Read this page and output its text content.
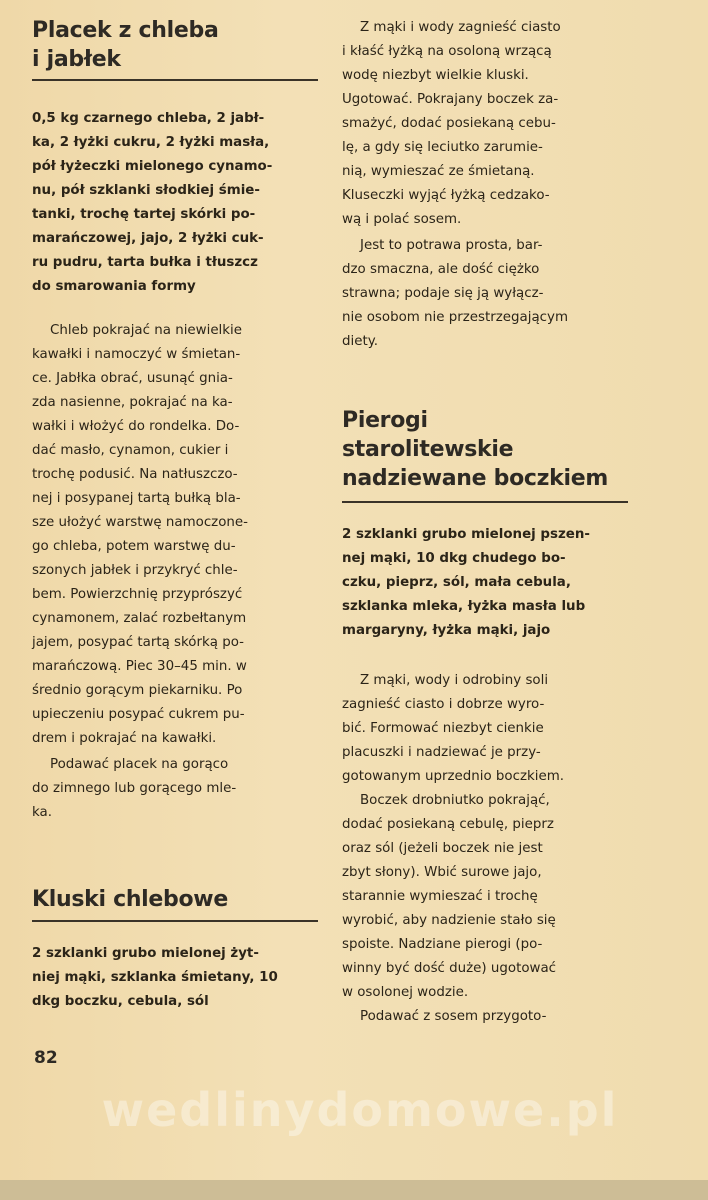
Placek z chleba
i jabłek

0,5 kg czarnego chleba, 2 jabł-
ka, 2 łyżki cukru, 2 łyżki masła,
pół łyżeczki mielonego cynamo-
nu, pół szklanki słodkiej śmie-
tanki, trochę tartej skórki po-
marańczowej, jajo, 2 łyżki cuk-
ru pudru, tarta bułka i tłuszcz
do smarowania formy

Chleb pokrajać na niewielkie
kawałki i namoczyć w śmietan-
ce. Jabłka obrać, usunąć gnia-
zda nasienne, pokrajać na ka-
wałki i włożyć do rondelka. Do-
dać masło, cynamon, cukier i
trochę podusić. Na natłuszczo-
nej i posypanej tartą bułką bla-
sze ułożyć warstwę namoczone-
go chleba, potem warstwę du-
szonych jabłek i przykryć chle-
bem. Powierzchnię przyprószyć
cynamonem, zalać rozbełtanym
jajem, posypać tartą skórką po-
marańczową. Piec 30–45 min. w
średnio gorącym piekarniku. Po
upieczeniu posypać cukrem pu-
drem i pokrajać na kawałki.

Podawać placek na gorąco
do zimnego lub gorącego mle-
ka.

Kluski chlebowe

2 szklanki grubo mielonej żyt-
niej mąki, szklanka śmietany, 10
dkg boczku, cebula, sól

Z mąki i wody zagnieść ciasto
i kłaść łyżką na osoloną wrzącą
wodę niezbyt wielkie kluski.
Ugotować. Pokrajany boczek za-
smażyć, dodać posiekaną cebu-
lę, a gdy się leciutko zarumie-
nią, wymieszać ze śmietaną.
Kluseczki wyjąć łyżką cedzako-
wą i polać sosem.

Jest to potrawa prosta, bar-
dzo smaczna, ale dość ciężko
strawna; podaje się ją wyłącz-
nie osobom nie przestrzegającym
diety.

Pierogi
starolitewskie
nadziewane boczkiem

2 szklanki grubo mielonej pszen-
nej mąki, 10 dkg chudego bo-
czku, pieprz, sól, mała cebula,
szklanka mleka, łyżka masła lub
margaryny, łyżka mąki, jajo

Z mąki, wody i odrobiny soli
zagnieść ciasto i dobrze wyro-
bić. Formować niezbyt cienkie
placuszki i nadziewać je przy-
gotowanym uprzednio boczkiem.

Boczek drobniutko pokrająć,
dodać posiekaną cebulę, pieprz
oraz sól (jeżeli boczek nie jest
zbyt słony). Wbić surowe jajo,
starannie wymieszać i trochę
wyrobić, aby nadzienie stało się
spoiste. Nadziane pierogi (po-
winny być dość duże) ugotować
w osolonej wodzie.

Podawać z sosem przygoto-

82
wedlinydomowe.pl
